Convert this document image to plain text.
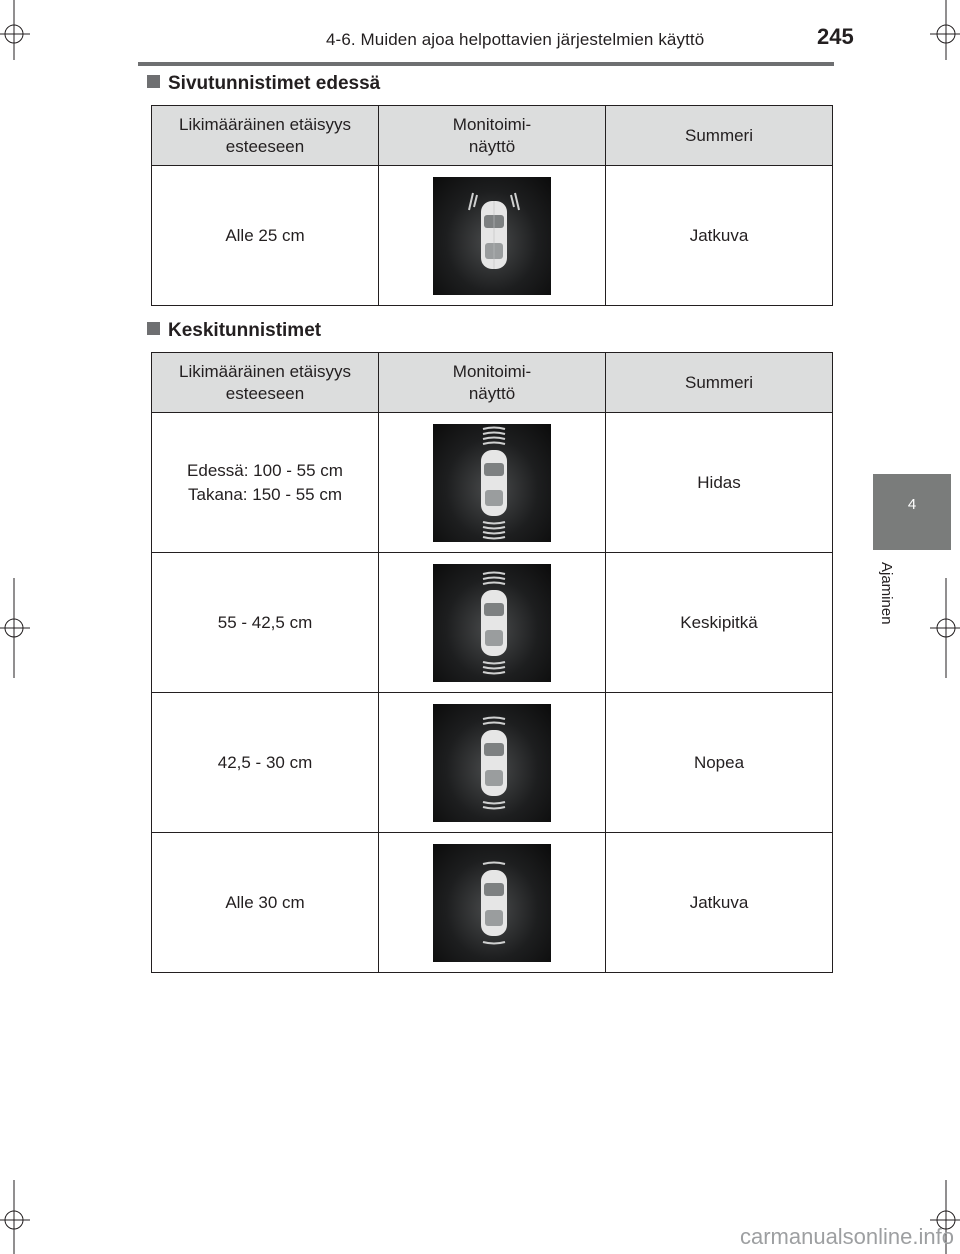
4-6. Muiden ajoa helpottavien järjestelmien käyttö	245
4
Ajaminen
Sivutunnistimet edessä
Likimääräinen etäisyys esteeseen	Monitoimi-näyttö	Summeri
Alle 25 cm		Jatkuva
Keskitunnistimet
Likimääräinen etäisyys esteeseen	Monitoimi-näyttö	Summeri
Edessä: 100 - 55 cm
Takana: 150 - 55 cm		Hidas
55 - 42,5 cm		Keskipitkä
42,5 - 30 cm		Nopea
Alle 30 cm		Jatkuva
carmanualsonline.info
